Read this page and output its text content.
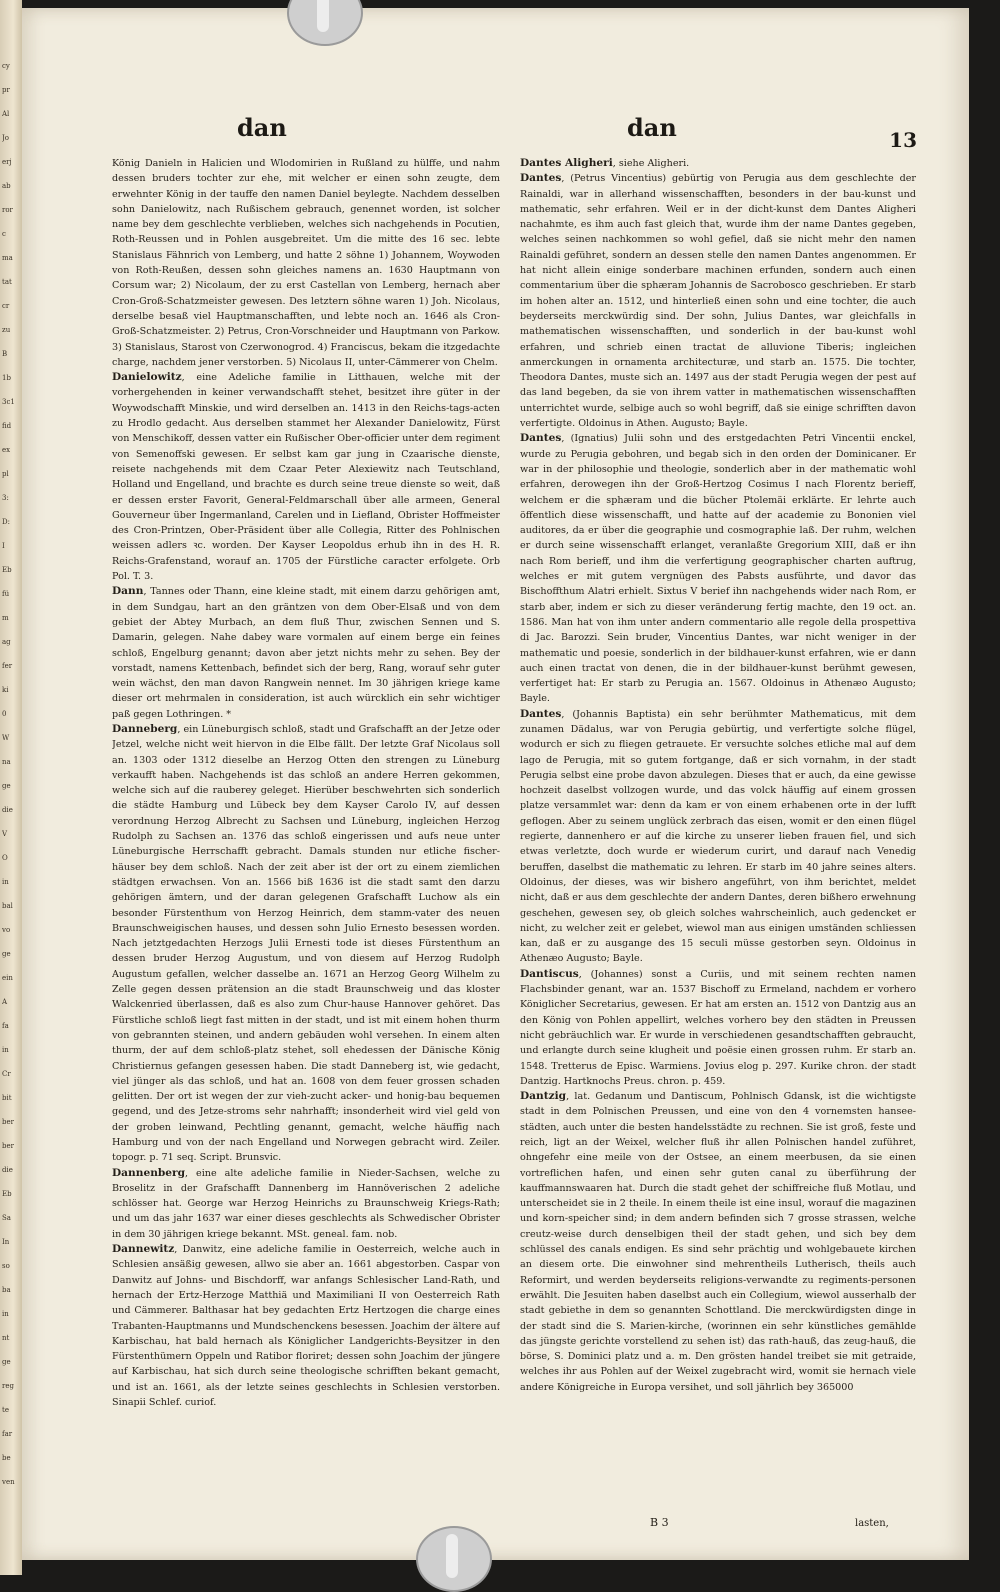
cy
pr
Al
Jo
erj
ab
ror
c
ma
tat
cr
zu
B
1b
3c1
fid
ex
pl
3:
D:
I
Eb
fü
m
ag
fer
ki
0
W
na
ge
die
V
O
in
bal
vo
ge
ein
A
fa
in
Cr
bit
ber
ber
die
Eb
Sa
In
so
ba
in
nt
ge
reg
te
far
be
ven
dan	dan	13

König Danieln in Halicien und Wlodomirien in Rußland zu hülffe, und nahm dessen bruders tochter zur ehe, mit welcher er einen sohn zeugte, dem erwehnter König in der tauffe den namen Daniel beylegte. Nachdem desselben sohn Danielowitz, nach Rußischem gebrauch, genennet worden, ist solcher name bey dem geschlechte verblieben, welches sich nachgehends in Pocutien, Roth-Reussen und in Pohlen ausgebreitet. Um die mitte des 16 sec. lebte Stanislaus Fähnrich von Lemberg, und hatte 2 söhne 1) Johannem, Woywoden von Roth-Reußen, dessen sohn gleiches namens an. 1630 Hauptmann von Corsum war; 2) Nicolaum, der zu erst Castellan von Lemberg, hernach aber Cron-Groß-Schatzmeister gewesen. Des letztern söhne waren 1) Joh. Nicolaus, derselbe besaß viel Hauptmanschafften, und lebte noch an. 1646 als Cron-Groß-Schatzmeister. 2) Petrus, Cron-Vorschneider und Hauptmann von Parkow. 3) Stanislaus, Starost von Czerwonogrod. 4) Franciscus, bekam die itzgedachte charge, nachdem jener verstorben. 5) Nicolaus II, unter-Cämmerer von Chelm.

Danielowitz, eine Adeliche familie in Litthauen, welche mit der vorhergehenden in keiner verwandschafft stehet, besitzet ihre güter in der Woywodschafft Minskie, und wird derselben an. 1413 in den Reichs-tags-acten zu Hrodlo gedacht. Aus derselben stammet her Alexander Danielowitz, Fürst von Menschikoff, dessen vatter ein Rußischer Ober-officier unter dem regiment von Semenoffski gewesen. Er selbst kam gar jung in Czaarische dienste, reisete nachgehends mit dem Czaar Peter Alexiewitz nach Teutschland, Holland und Engelland, und brachte es durch seine treue dienste so weit, daß er dessen erster Favorit, General-Feldmarschall über alle armeen, General Gouverneur über Ingermanland, Carelen und in Liefland, Obrister Hoffmeister des Cron-Printzen, Ober-Präsident über alle Collegia, Ritter des Pohlnischen weissen adlers ꝛc. worden. Der Kayser Leopoldus erhub ihn in des H. R. Reichs-Grafenstand, worauf an. 1705 der Fürstliche caracter erfolgete. Orb Pol. T. 3.

Dann, Tannes oder Thann, eine kleine stadt, mit einem darzu gehörigen amt, in dem Sundgau, hart an den gräntzen von dem Ober-Elsaß und von dem gebiet der Abtey Murbach, an dem fluß Thur, zwischen Sennen und S. Damarin, gelegen. Nahe dabey ware vormalen auf einem berge ein feines schloß, Engelburg genannt; davon aber jetzt nichts mehr zu sehen. Bey der vorstadt, namens Kettenbach, befindet sich der berg, Rang, worauf sehr guter wein wächst, den man davon Rangwein nennet. Im 30 jährigen kriege kame dieser ort mehrmalen in consideration, ist auch würcklich ein sehr wichtiger paß gegen Lothringen. *

Danneberg, ein Lüneburgisch schloß, stadt und Grafschafft an der Jetze oder Jetzel, welche nicht weit hiervon in die Elbe fällt. Der letzte Graf Nicolaus soll an. 1303 oder 1312 dieselbe an Herzog Otten den strengen zu Lüneburg verkaufft haben. Nachgehends ist das schloß an andere Herren gekommen, welche sich auf die rauberey geleget. Hierüber beschwehrten sich sonderlich die städte Hamburg und Lübeck bey dem Kayser Carolo IV, auf dessen verordnung Herzog Albrecht zu Sachsen und Lüneburg, ingleichen Herzog Rudolph zu Sachsen an. 1376 das schloß eingerissen und aufs neue unter Lüneburgische Herrschafft gebracht. Damals stunden nur etliche fischer-häuser bey dem schloß. Nach der zeit aber ist der ort zu einem ziemlichen städtgen erwachsen. Von an. 1566 biß 1636 ist die stadt samt den darzu gehörigen ämtern, und der daran gelegenen Grafschafft Luchow als ein besonder Fürstenthum von Herzog Heinrich, dem stamm-vater des neuen Braunschweigischen hauses, und dessen sohn Julio Ernesto besessen worden. Nach jetztgedachten Herzogs Julii Ernesti tode ist dieses Fürstenthum an dessen bruder Herzog Augustum, und von diesem auf Herzog Rudolph Augustum gefallen, welcher dasselbe an. 1671 an Herzog Georg Wilhelm zu Zelle gegen dessen prätension an die stadt Braunschweig und das kloster Walckenried überlassen, daß es also zum Chur-hause Hannover gehöret. Das Fürstliche schloß liegt fast mitten in der stadt, und ist mit einem hohen thurm von gebrannten steinen, und andern gebäuden wohl versehen. In einem alten thurm, der auf dem schloß-platz stehet, soll ehedessen der Dänische König Christiernus gefangen gesessen haben. Die stadt Danneberg ist, wie gedacht, viel jünger als das schloß, und hat an. 1608 von dem feuer grossen schaden gelitten. Der ort ist wegen der zur vieh-zucht acker- und honig-bau bequemen gegend, und des Jetze-stroms sehr nahrhafft; insonderheit wird viel geld von der groben leinwand, Pechtling genannt, gemacht, welche häuffig nach Hamburg und von der nach Engelland und Norwegen gebracht wird. Zeiler. topogr. p. 71 seq. Script. Brunsvic.

Dannenberg, eine alte adeliche familie in Nieder-Sachsen, welche zu Broselitz in der Grafschafft Dannenberg im Hannöverischen 2 adeliche schlösser hat. George war Herzog Heinrichs zu Braunschweig Kriegs-Rath; und um das jahr 1637 war einer dieses geschlechts als Schwedischer Obrister in dem 30 jährigen kriege bekannt. MSt. geneal. fam. nob.

Dannewitz, Danwitz, eine adeliche familie in Oesterreich, welche auch in Schlesien ansäßig gewesen, allwo sie aber an. 1661 abgestorben. Caspar von Danwitz auf Johns- und Bischdorff, war anfangs Schlesischer Land-Rath, und hernach der Ertz-Herzoge Matthiä und Maximiliani II von Oesterreich Rath und Cämmerer. Balthasar hat bey gedachten Ertz Hertzogen die charge eines Trabanten-Hauptmanns und Mundschenckens besessen. Joachim der ältere auf Karbischau, hat bald hernach als Königlicher Landgerichts-Beysitzer in den Fürstenthümern Oppeln und Ratibor floriret; dessen sohn Joachim der jüngere auf Karbischau, hat sich durch seine theologische schrifften bekant gemacht, und ist an. 1661, als der letzte seines geschlechts in Schlesien verstorben. Sinapii Schlef. curiof.

Dantes Aligheri, siehe Aligheri.

Dantes, (Petrus Vincentius) gebürtig von Perugia aus dem geschlechte der Rainaldi, war in allerhand wissenschafften, besonders in der bau-kunst und mathematic, sehr erfahren. Weil er in der dicht-kunst dem Dantes Aligheri nachahmte, es ihm auch fast gleich that, wurde ihm der name Dantes gegeben, welches seinen nachkommen so wohl gefiel, daß sie nicht mehr den namen Rainaldi geführet, sondern an dessen stelle den namen Dantes angenommen. Er hat nicht allein einige sonderbare machinen erfunden, sondern auch einen commentarium über die sphæram Johannis de Sacrobosco geschrieben. Er starb im hohen alter an. 1512, und hinterließ einen sohn und eine tochter, die auch beyderseits merckwürdig sind. Der sohn, Julius Dantes, war gleichfalls in mathematischen wissenschafften, und sonderlich in der bau-kunst wohl erfahren, und schrieb einen tractat de alluvione Tiberis; ingleichen anmerckungen in ornamenta architecturæ, und starb an. 1575. Die tochter, Theodora Dantes, muste sich an. 1497 aus der stadt Perugia wegen der pest auf das land begeben, da sie von ihrem vatter in mathematischen wissenschafften unterrichtet wurde, selbige auch so wohl begriff, daß sie einige schrifften davon verfertigte. Oldoinus in Athen. Augusto; Bayle.

Dantes, (Ignatius) Julii sohn und des erstgedachten Petri Vincentii enckel, wurde zu Perugia gebohren, und begab sich in den orden der Dominicaner. Er war in der philosophie und theologie, sonderlich aber in der mathematic wohl erfahren, derowegen ihn der Groß-Hertzog Cosimus I nach Florentz berieff, welchem er die sphæram und die bücher Ptolemäi erklärte. Er lehrte auch öffentlich diese wissenschafft, und hatte auf der academie zu Bononien viel auditores, da er über die geographie und cosmographie laß. Der ruhm, welchen er durch seine wissenschafft erlanget, veranlaßte Gregorium XIII, daß er ihn nach Rom berieff, und ihm die verfertigung geographischer charten auftrug, welches er mit gutem vergnügen des Pabsts ausführte, und davor das Bischoffthum Alatri erhielt. Sixtus V berief ihn nachgehends wider nach Rom, er starb aber, indem er sich zu dieser veränderung fertig machte, den 19 oct. an. 1586. Man hat von ihm unter andern commentario alle regole della prospettiva di Jac. Barozzi. Sein bruder, Vincentius Dantes, war nicht weniger in der mathematic und poesie, sonderlich in der bildhauer-kunst erfahren, wie er dann auch einen tractat von denen, die in der bildhauer-kunst berühmt gewesen, verfertiget hat: Er starb zu Perugia an. 1567. Oldoinus in Athenæo Augusto; Bayle.

Dantes, (Johannis Baptista) ein sehr berühmter Mathematicus, mit dem zunamen Dädalus, war von Perugia gebürtig, und verfertigte solche flügel, wodurch er sich zu fliegen getrauete. Er versuchte solches etliche mal auf dem lago de Perugia, mit so gutem fortgange, daß er sich vornahm, in der stadt Perugia selbst eine probe davon abzulegen. Dieses that er auch, da eine gewisse hochzeit daselbst vollzogen wurde, und das volck häuffig auf einem grossen platze versammlet war: denn da kam er von einem erhabenen orte in der lufft geflogen. Aber zu seinem unglück zerbrach das eisen, womit er den einen flügel regierte, dannenhero er auf die kirche zu unserer lieben frauen fiel, und sich etwas verletzte, doch wurde er wiederum curirt, und darauf nach Venedig beruffen, daselbst die mathematic zu lehren. Er starb im 40 jahre seines alters. Oldoinus, der dieses, was wir bishero angeführt, von ihm berichtet, meldet nicht, daß er aus dem geschlechte der andern Dantes, deren bißhero erwehnung geschehen, gewesen sey, ob gleich solches wahrscheinlich, auch gedencket er nicht, zu welcher zeit er gelebet, wiewol man aus einigen umständen schliessen kan, daß er zu ausgange des 15 seculi müsse gestorben seyn. Oldoinus in Athenæo Augusto; Bayle.

Dantiscus, (Johannes) sonst a Curiis, und mit seinem rechten namen Flachsbinder genant, war an. 1537 Bischoff zu Ermeland, nachdem er vorhero Königlicher Secretarius, gewesen. Er hat am ersten an. 1512 von Dantzig aus an den König von Pohlen appellirt, welches vorhero bey den städten in Preussen nicht gebräuchlich war. Er wurde in verschiedenen gesandtschafften gebraucht, und erlangte durch seine klugheit und poësie einen grossen ruhm. Er starb an. 1548. Tretterus de Episc. Warmiens. Jovius elog p. 297. Kurike chron. der stadt Dantzig. Hartknochs Preus. chron. p. 459.

Dantzig, lat. Gedanum und Dantiscum, Pohlnisch Gdansk, ist die wichtigste stadt in dem Polnischen Preussen, und eine von den 4 vornemsten hansee-städten, auch unter die besten handelsstädte zu rechnen. Sie ist groß, feste und reich, ligt an der Weixel, welcher fluß ihr allen Polnischen handel zuführet, ohngefehr eine meile von der Ostsee, an einem meerbusen, da sie einen vortreflichen hafen, und einen sehr guten canal zu überführung der kauffmannswaaren hat. Durch die stadt gehet der schiffreiche fluß Motlau, und unterscheidet sie in 2 theile. In einem theile ist eine insul, worauf die magazinen und korn-speicher sind; in dem andern befinden sich 7 grosse strassen, welche creutz-weise durch denselbigen theil der stadt gehen, und sich bey dem schlüssel des canals endigen. Es sind sehr prächtig und wohlgebauete kirchen an diesem orte. Die einwohner sind mehrentheils Lutherisch, theils auch Reformirt, und werden beyderseits religions-verwandte zu regiments-personen erwählt. Die Jesuiten haben daselbst auch ein Collegium, wiewol ausserhalb der stadt gebiethe in dem so genannten Schottland. Die merckwürdigsten dinge in der stadt sind die S. Marien-kirche, (worinnen ein sehr künstliches gemählde das jüngste gerichte vorstellend zu sehen ist) das rath-hauß, das zeug-hauß, die börse, S. Dominici platz und a. m. Den grösten handel treibet sie mit getraide, welches ihr aus Pohlen auf der Weixel zugebracht wird, womit sie hernach viele andere Königreiche in Europa versihet, und soll jährlich bey 365000

B 3	lasten,
